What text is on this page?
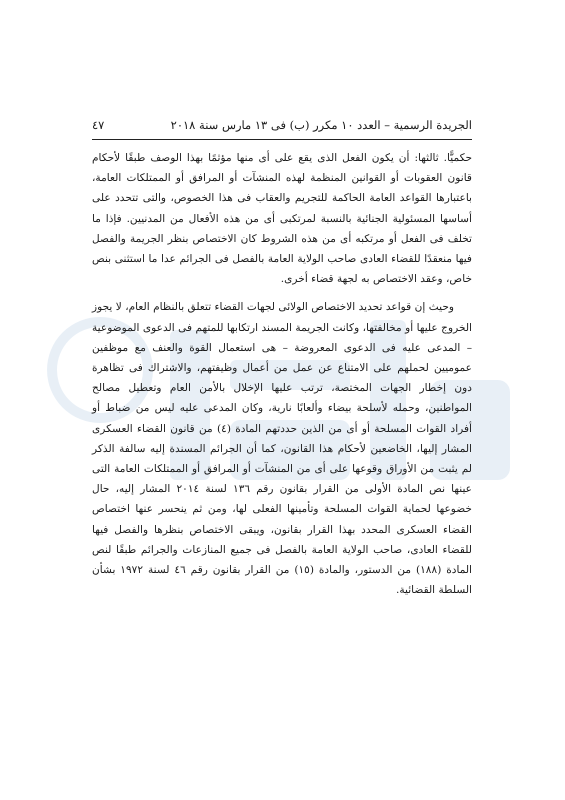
الجريدة الرسمية – العدد ١٠ مكرر (ب) فى ١٣ مارس سنة ٢٠١٨
٤٧

حكميًّا. ثالثها: أن يكون الفعل الذى يقع على أى منها مؤثمًا بهذا الوصف طبقًا لأحكام قانون العقوبات أو القوانين المنظمة لهذه المنشآت أو المرافق أو الممتلكات العامة، باعتبارها القواعد العامة الحاكمة للتجريم والعقاب فى هذا الخصوص، والتى تتحدد على أساسها المسئولية الجنائية بالنسبة لمرتكبى أى من هذه الأفعال من المدنيين. فإذا ما تخلف فى الفعل أو مرتكبه أى من هذه الشروط كان الاختصاص بنظر الجريمة والفصل فيها منعقدًا للقضاء العادى صاحب الولاية العامة بالفصل فى الجرائم عدا ما استثنى بنص خاص، وعقد الاختصاص به لجهة قضاء أخرى.

وحيث إن قواعد تحديد الاختصاص الولائى لجهات القضاء تتعلق بالنظام العام، لا يجوز الخروج عليها أو مخالفتها، وكانت الجريمة المسند ارتكابها للمتهم فى الدعوى الموضوعية – المدعى عليه فى الدعوى المعروضة – هى استعمال القوة والعنف مع موظفين عموميين لحملهم على الامتناع عن عمل من أعمال وظيفتهم، والاشتراك فى تظاهرة دون إخطار الجهات المختصة، ترتب عليها الإخلال بالأمن العام وتعطيل مصالح المواطنين، وحمله لأسلحة بيضاء وألعابًا نارية، وكان المدعى عليه ليس من ضباط أو أفراد القوات المسلحة أو أى من الذين حددتهم المادة (٤) من قانون القضاء العسكرى المشار إليها، الخاضعين لأحكام هذا القانون، كما أن الجرائم المسندة إليه سالفة الذكر لم يثبت من الأوراق وقوعها على أى من المنشآت أو المرافق أو الممتلكات العامة التى عينها نص المادة الأولى من القرار بقانون رقم ١٣٦ لسنة ٢٠١٤ المشار إليه، حال خضوعها لحماية القوات المسلحة وتأمينها الفعلى لها، ومن ثم ينحسر عنها اختصاص القضاء العسكرى المحدد بهذا القرار بقانون، ويبقى الاختصاص بنظرها والفصل فيها للقضاء العادى، صاحب الولاية العامة بالفصل فى جميع المنازعات والجرائم طبقًا لنص المادة (١٨٨) من الدستور، والمادة (١٥) من القرار بقانون رقم ٤٦ لسنة ١٩٧٢ بشأن السلطة القضائية.
